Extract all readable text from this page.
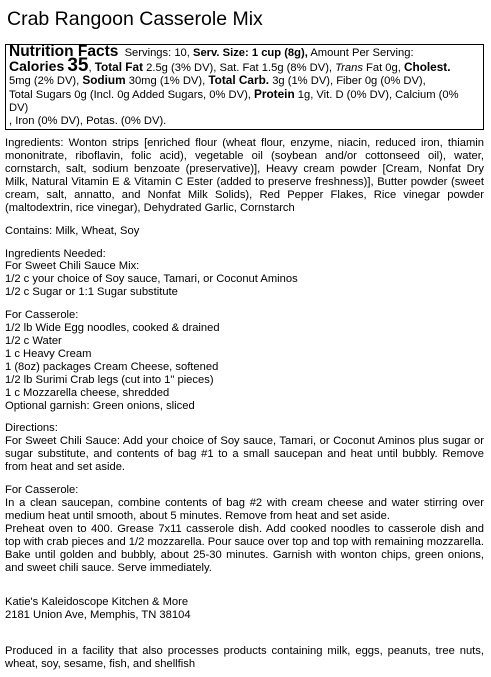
Crab Rangoon Casserole Mix
Nutrition Facts Servings: 10, Serv. Size: 1 cup (8g), Amount Per Serving:
Calories 35, Total Fat 2.5g (3% DV), Sat. Fat 1.5g (8% DV), Trans Fat 0g, Cholest.
5mg (2% DV), Sodium 30mg (1% DV), Total Carb. 3g (1% DV), Fiber 0g (0% DV),
Total Sugars 0g (Incl. 0g Added Sugars, 0% DV), Protein 1g, Vit. D (0% DV), Calcium (0% DV)
, Iron (0% DV), Potas. (0% DV).

Ingredients: Wonton strips [enriched flour (wheat flour, enzyme, niacin, reduced iron, thiamin mononitrate, riboflavin, folic acid), vegetable oil (soybean and/or cottonseed oil), water, cornstarch, salt, sodium benzoate (preservative)], Heavy cream powder [Cream, Nonfat Dry Milk, Natural Vitamin E & Vitamin C Ester (added to preserve freshness)], Butter powder (sweet cream, salt, annatto, and Nonfat Milk Solids), Red Pepper Flakes, Rice vinegar powder (maltodextrin, rice vinegar), Dehydrated Garlic, Cornstarch

Contains: Milk, Wheat, Soy

Ingredients Needed:
For Sweet Chili Sauce Mix:
1/2 c your choice of Soy sauce, Tamari, or Coconut Aminos
1/2 c Sugar or 1:1 Sugar substitute
For Casserole:
1/2 lb Wide Egg noodles, cooked & drained
1/2 c Water
1 c Heavy Cream
1 (8oz) packages Cream Cheese, softened
1/2 lb Surimi Crab legs (cut into 1" pieces)
1 c Mozzarella cheese, shredded
Optional garnish: Green onions, sliced
Directions:

For Sweet Chili Sauce: Add your choice of Soy sauce, Tamari, or Coconut Aminos plus sugar or sugar substitute, and contents of bag #1 to a small saucepan and heat until bubbly. Remove from heat and set aside.

For Casserole:

In a clean saucepan, combine contents of bag #2 with cream cheese and water stirring over medium heat until smooth, about 5 minutes. Remove from heat and set aside.

Preheat oven to 400. Grease 7x11 casserole dish. Add cooked noodles to casserole dish and top with crab pieces and 1/2 mozzarella. Pour sauce over top and top with remaining mozzarella. Bake until golden and bubbly, about 25-30 minutes. Garnish with wonton chips, green onions, and sweet chili sauce. Serve immediately.

Katie's Kaleidoscope Kitchen & More
2181 Union Ave, Memphis, TN 38104

Produced in a facility that also processes products containing milk, eggs, peanuts, tree nuts, wheat, soy, sesame, fish, and shellfish
